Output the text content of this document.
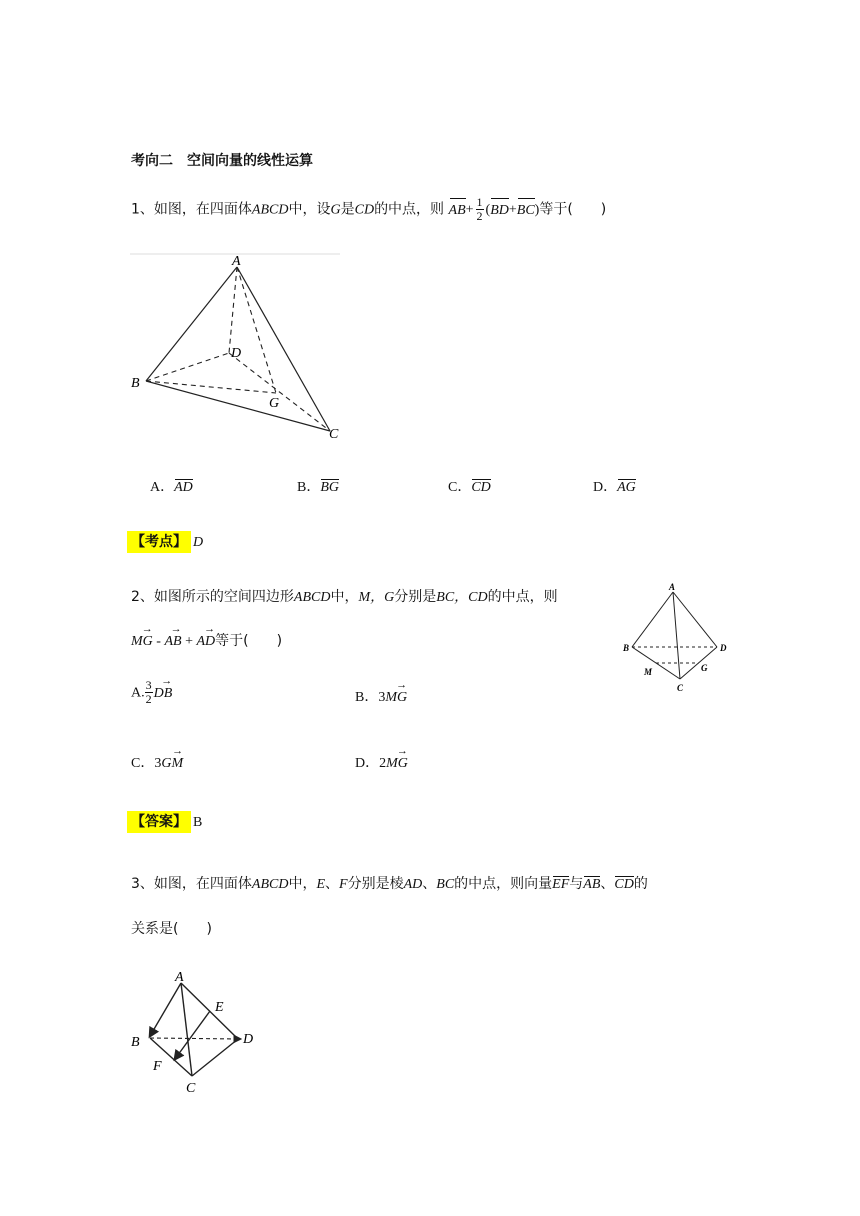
考向二　空间向量的线性运算
1、如图，在四面体ABCD中，设G是CD的中点，则 $AB+ \frac{1}{2} (BD+BC)$等于(　　)
A
B
C
D
G
A．AD	B．BG	C．CD	D．AG
【考点】 D
2、如图所示的空间四边形ABCD中，M，G分别是BC，CD的中点，则
MG → - AB → + AD →等于(　　)
A
B	D
M	G
C
A. $\frac{3}{2}$ DB →	B．3MG →
C．3GM →	D．2MG →
【答案】 B
3、如图，在四面体ABCD中，E、F分别是棱AD、BC的中点，则向量EF与AB、CD的
关系是(　　)
A
B	D
E
F
C
